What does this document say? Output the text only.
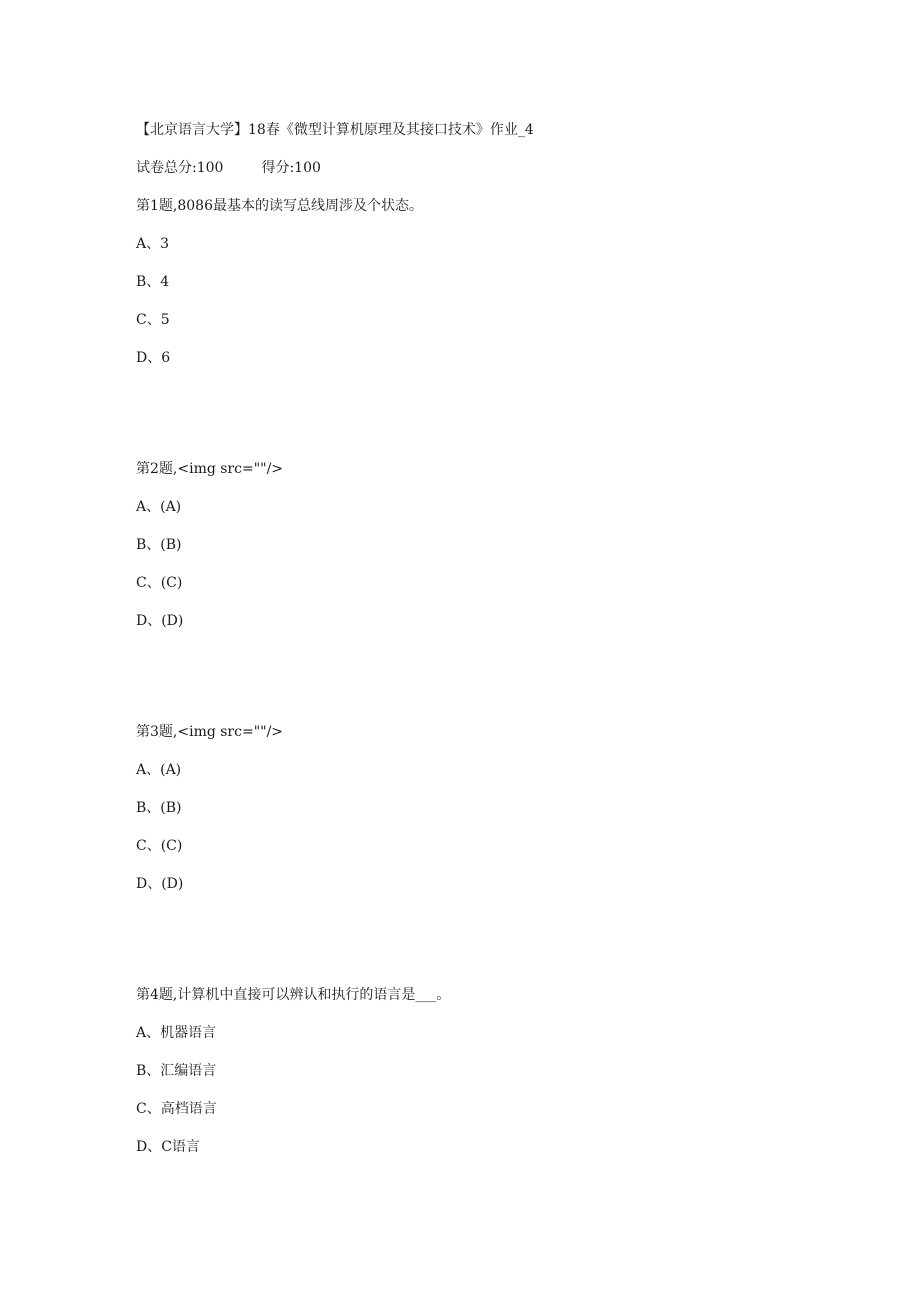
【北京语言大学】18春《微型计算机原理及其接口技术》作业_4

试卷总分:100	得分:100

第1题,8086最基本的读写总线周涉及个状态。

A、3

B、4

C、5

D、6

第2题,<img src=""/>

A、(A)

B、(B)

C、(C)

D、(D)

第3题,<img src=""/>

A、(A)

B、(B)

C、(C)

D、(D)

第4题,计算机中直接可以辨认和执行的语言是___。

A、机器语言

B、汇编语言

C、高档语言

D、C语言
